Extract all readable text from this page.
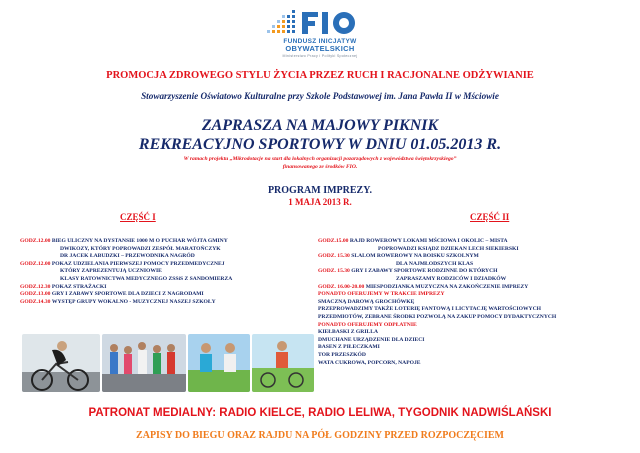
FUNDUSZ INICJATYW
OBYWATELSKICH
Ministerstwo Pracy i Polityki Społecznej
PROMOCJA ZDROWEGO STYLU ŻYCIA PRZEZ RUCH I RACJONALNE ODŻYWIANIE
Stowarzyszenie Oświatowo Kulturalne przy Szkole Podstawowej im. Jana Pawła II w Mściowie
ZAPRASZA NA MAJOWY PIKNIK
REKREACYJNO SPORTOWY W DNIU 01.05.2013 R.
W ramach projektu „Mikrodotacje na start dla lokalnych organizacji pozarządowych z województwa świętokrzyskiego”
finansowanego ze środków FIO.
PROGRAM IMPREZY.
1 MAJA 2013 R.
CZĘŚĆ I	CZĘŚĆ II
GODZ.12.00 BIEG ULICZNY NA DYSTANSIE 1000 M O PUCHAR WÓJTA GMINY
DWIKOZY, KTÓRY POPROWADZI ZESPÓŁ MARATOŃCZYK
DR JACEK ŁABUDZKI – PRZEWODNIKA NAGRÓD
GODZ.12.00 POKAZ UDZIELANIA PIERWSZEJ POMOCY PRZEDMEDYCZNEJ
KTÓRY ZAPREZENTUJĄ UCZNIOWIE
KLASY RATOWNICTWA MEDYCZNEGO ZSSiS Z SANDOMIERZA
GODZ.12.30 POKAZ STRAŻACKI
GODZ.13.00 GRY I ZABAWY SPORTOWE DLA DZIECI Z NAGRODAMI
GODZ.14.30 WYSTĘP GRUPY WOKALNO - MUZYCZNEJ NASZEJ SZKOŁY
GODZ.15.00 RAJD ROWEROWY LOKAMI MŚCIOWA I OKOLIC – MISTA
POPROWADZI KSIĄDZ DZIEKAN LECH SIEKIERSKI
GODZ. 15.30 SLALOM ROWEROWY NA BOISKU SZKOLNYM
DLA NAJMŁODSZYCH KLAS
GODZ. 15.30 GRY I ZABAWY SPORTOWE RODZINNE DO KTÓRYCH
ZAPRASZAMY RODZICÓW I DZIADKÓW
GODZ. 16.00-20.00 MIESPODZIANKA MUZYCZNA NA ZAKOŃCZENIE IMPREZY
PONADTO OFERUJEMY W TRAKCIE IMPREZY
SMACZNĄ DAROWĄ GROCHÓWKĘ
PRZEPROWADZIMY TAKŻE LOTERIĘ FANTOWĄ I LICYTACJĘ WARTOŚCIOWYCH
PRZEDMIOTÓW, ZEBRANE ŚRODKI POZWOLĄ NA ZAKUP POMOCY DYDAKTYCZNYCH
PONADTO OFERUJEMY ODPŁATNIE
KIEŁBASKI Z GRILLA
DMUCHANE URZĄDZENIE DLA DZIECI
BASEN Z PIŁECZKAMI
TOR PRZESZKÓD
WATA CUKROWA, POPCORN, NAPOJE
PATRONAT MEDIALNY: RADIO KIELCE, RADIO LELIWA, TYGODNIK NADWIŚLAŃSKI
ZAPISY DO BIEGU ORAZ RAJDU NA PÓŁ GODZINY PRZED ROZPOCZĘCIEM
